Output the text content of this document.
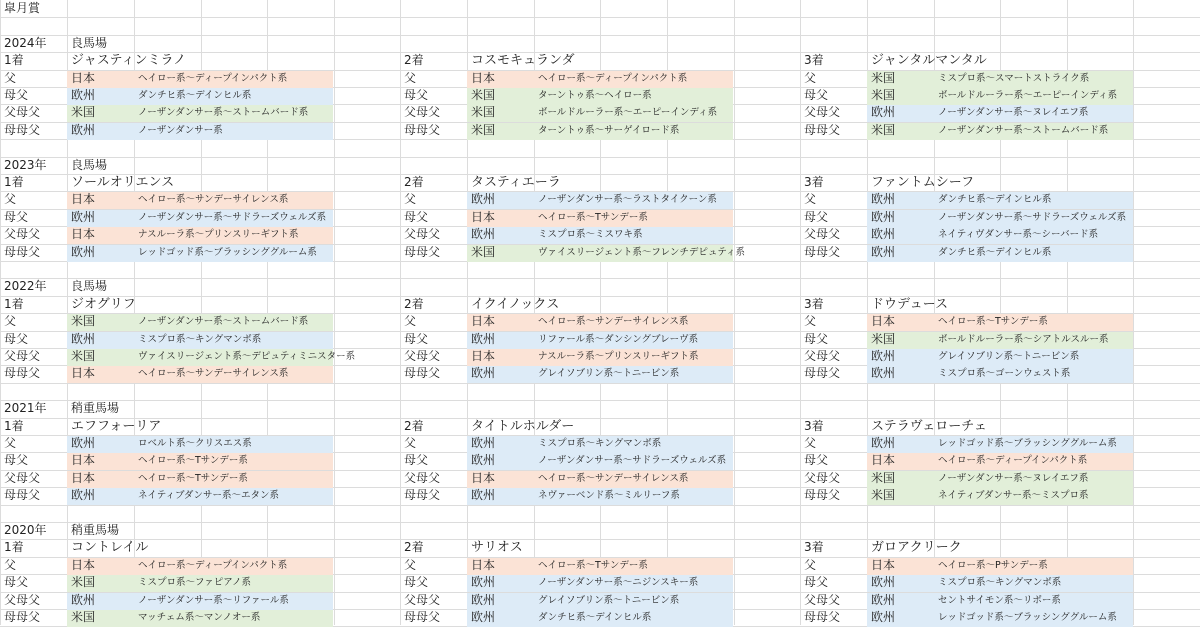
皐月賞
2024年 良馬場
1着	ジャスティンミラノ
父	日本	ヘイロー系～ディープインパクト系
母父	欧州	ダンチヒ系～デインヒル系
父母父	米国	ノーザンダンサー系～ストームバード系
母母父	欧州	ノーザンダンサー系
2着	コスモキュランダ
父	日本	ヘイロー系～ディープインパクト系
母父	米国	ターントゥ系～ヘイロー系
父母父	米国	ボールドルーラー系～エーピーインディ系
母母父	米国	ターントゥ系～サーゲイロード系
3着	ジャンタルマンタル
父	米国	ミスプロ系～スマートストライク系
母父	米国	ボールドルーラー系～エーピーインディ系
父母父	欧州	ノーザンダンサー系～ヌレイエフ系
母母父	米国	ノーザンダンサー系～ストームバード系
2023年 良馬場
1着	ソールオリエンス
父	日本	ヘイロー系～サンデーサイレンス系
母父	欧州	ノーザンダンサー系～サドラーズウェルズ系
父母父	日本	ナスルーラ系～プリンスリーギフト系
母母父	欧州	レッドゴッド系～ブラッシンググルーム系
2着	タスティエーラ
父	欧州	ノーザンダンサー系～ラストタイクーン系
母父	日本	ヘイロー系～Tサンデー系
父母父	欧州	ミスプロ系～ミスワキ系
母母父	米国	ヴァイスリージェント系～フレンチデピュティ系
3着	ファントムシーフ
父	欧州	ダンチヒ系～デインヒル系
母父	欧州	ノーザンダンサー系～サドラーズウェルズ系
父母父	欧州	ネイティヴダンサー系～シーバード系
母母父	欧州	ダンチヒ系～デインヒル系
2022年 良馬場
1着	ジオグリフ
父	米国	ノーザンダンサー系～ストームバード系
母父	欧州	ミスプロ系～キングマンボ系
父母父	米国	ヴァイスリージェント系～デピュティミニスター系
母母父	日本	ヘイロー系～サンデーサイレンス系
2着	イクイノックス
父	日本	ヘイロー系～サンデーサイレンス系
母父	欧州	リファール系～ダンシングブレーヴ系
父母父	日本	ナスルーラ系～プリンスリーギフト系
母母父	欧州	グレイソブリン系～トニービン系
3着	ドウデュース
父	日本	ヘイロー系～Tサンデー系
母父	米国	ボールドルーラー系～シアトルスルー系
父母父	欧州	グレイソブリン系～トニービン系
母母父	欧州	ミスプロ系～ゴーンウェスト系
2021年 稍重馬場
1着	エフフォーリア
父	欧州	ロベルト系～クリスエス系
母父	日本	ヘイロー系～Tサンデー系
父母父	日本	ヘイロー系～Tサンデー系
母母父	欧州	ネイティブダンサー系～エタン系
2着	タイトルホルダー
父	欧州	ミスプロ系～キングマンボ系
母父	欧州	ノーザンダンサー系～サドラーズウェルズ系
父母父	日本	ヘイロー系～サンデーサイレンス系
母母父	欧州	ネヴァーベンド系～ミルリーフ系
3着	ステラヴェローチェ
父	欧州	レッドゴッド系～ブラッシンググルーム系
母父	日本	ヘイロー系～ディープインパクト系
父母父	米国	ノーザンダンサー系～ヌレイエフ系
母母父	米国	ネイティブダンサー系～ミスプロ系
2020年 稍重馬場
1着	コントレイル
父	日本	ヘイロー系～ディープインパクト系
母父	米国	ミスプロ系～ファピアノ系
父母父	欧州	ノーザンダンサー系～リファール系
母母父	米国	マッチェム系～マンノオー系
2着	サリオス
父	日本	ヘイロー系～Tサンデー系
母父	欧州	ノーザンダンサー系～ニジンスキー系
父母父	欧州	グレイソブリン系～トニービン系
母母父	欧州	ダンチヒ系～デインヒル系
3着	ガロアクリーク
父	日本	ヘイロー系～Pサンデー系
母父	欧州	ミスプロ系～キングマンボ系
父母父	欧州	セントサイモン系～リボー系
母母父	欧州	レッドゴッド系～ブラッシンググルーム系
